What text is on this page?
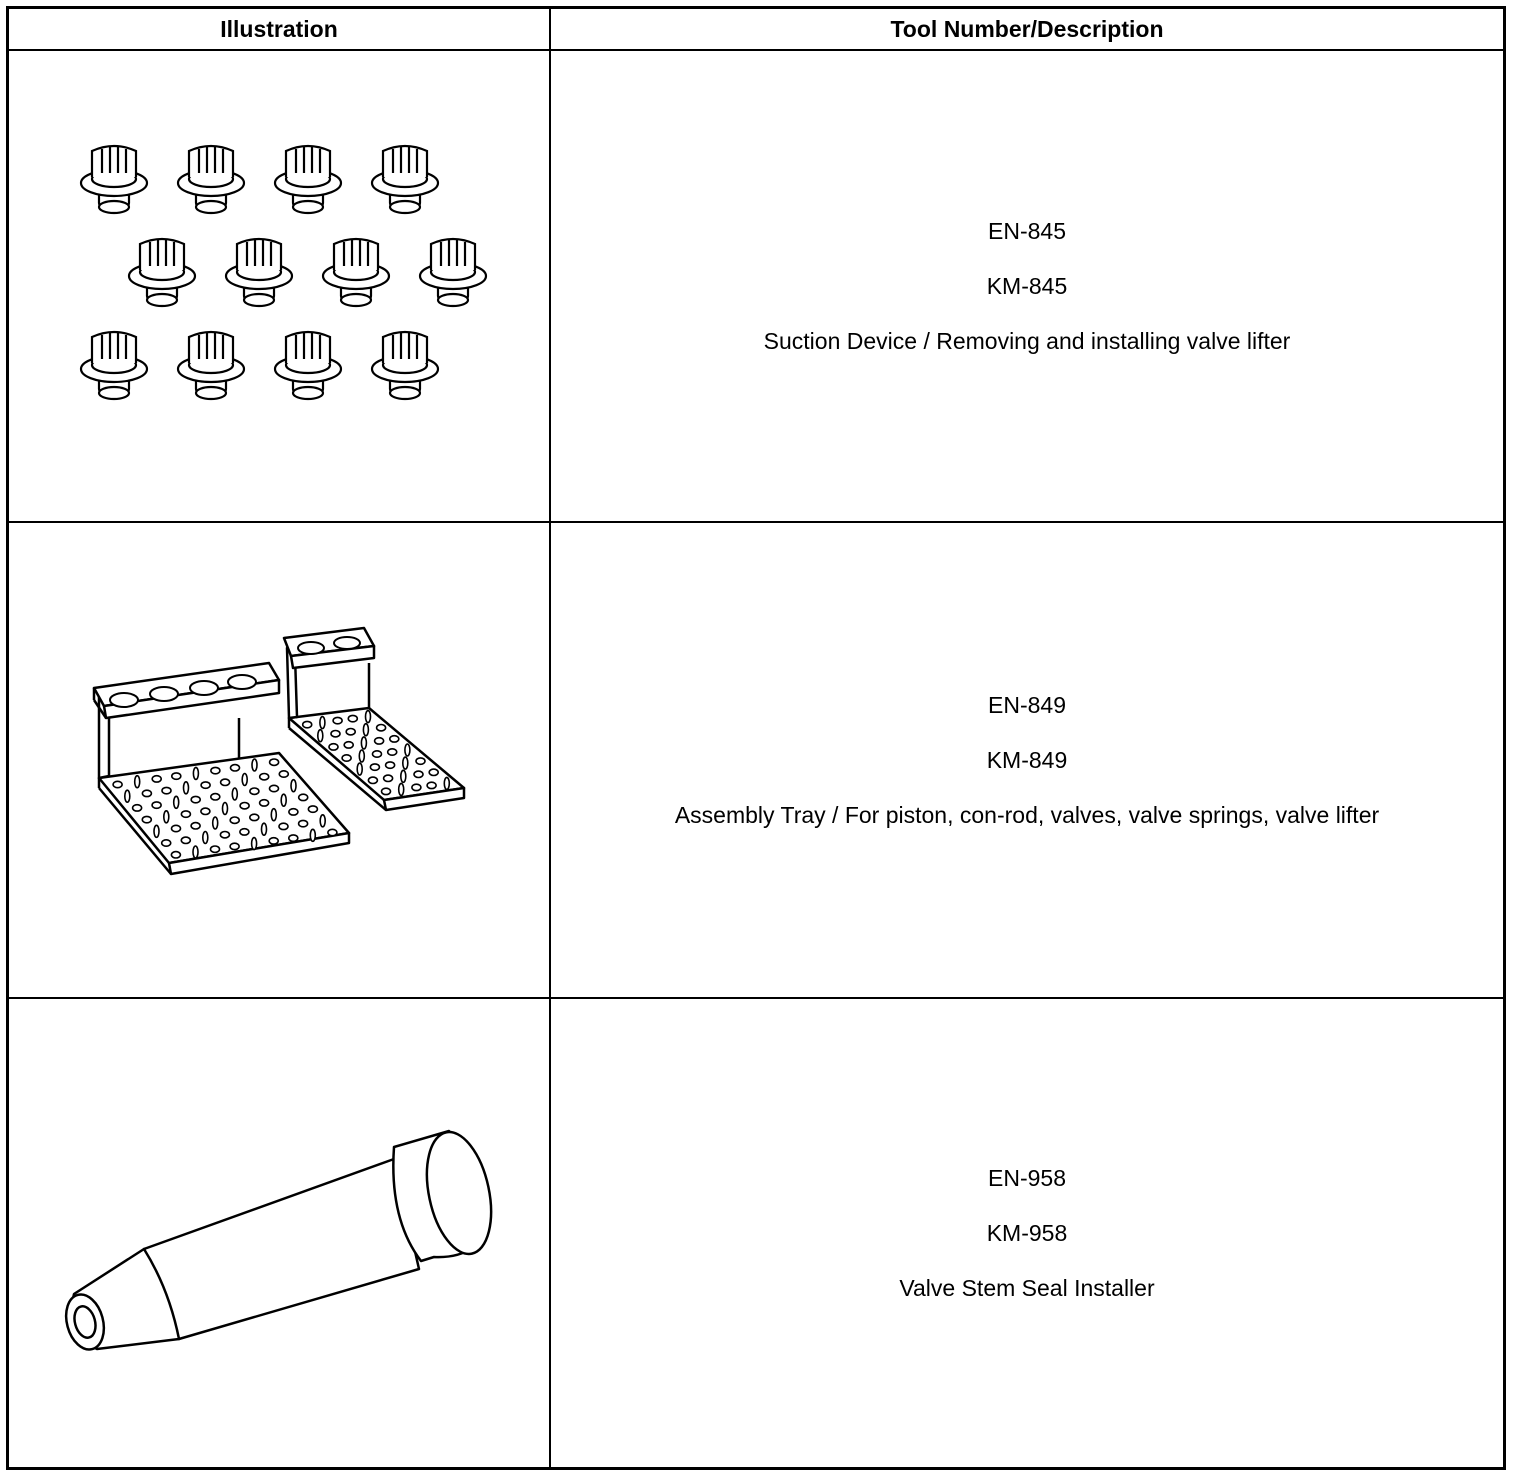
Illustration	Tool Number/Description

EN-845

KM-845

Suction Device / Removing and installing valve lifter

EN-849

KM-849

Assembly Tray / For piston, con-rod, valves, valve springs, valve lifter

EN-958

KM-958

Valve Stem Seal Installer
